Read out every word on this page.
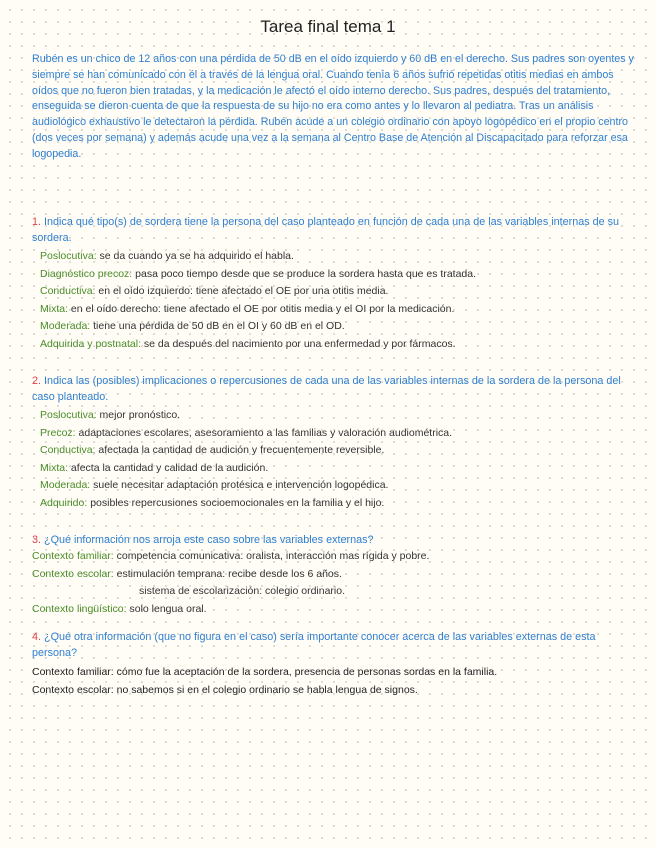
Tarea final tema 1
Rubén es un chico de 12 años con una pérdida de 50 dB en el oído izquierdo y 60 dB en el derecho. Sus padres son oyentes y siempre se han comunicado con él a través de la lengua oral. Cuando tenía 6 años sufrió repetidas otitis medias en ambos oídos que no fueron bien tratadas, y la medicación le afectó el oído interno derecho. Sus padres, después del tratamiento, enseguida se dieron cuenta de que la respuesta de su hijo no era como antes y lo llevaron al pediatra. Tras un análisis audiológico exhaustivo le detectaron la pérdida. Rubén acude a un colegio ordinario con apoyo logopédico en el propio centro (dos veces por semana) y además acude una vez a la semana al Centro Base de Atención al Discapacitado para reforzar esa logopedia.
1. Indica qué tipo(s) de sordera tiene la persona del caso planteado en función de cada una de las variables internas de su sordera.
Poslocutiva: se da cuando ya se ha adquirido el habla.
Diagnóstico precoz: pasa poco tiempo desde que se produce la sordera hasta que es tratada.
Conductiva: en el oído izquierdo: tiene afectado el OE por una otitis media.
Mixta: en el oído derecho: tiene afectado el OE por otitis media y el OI por la medicación.
Moderada: tiene una pérdida de 50 dB en el OI y 60 dB en el OD.
Adquirida y postnatal: se da después del nacimiento por una enfermedad y por fármacos.
2. Indica las (posibles) implicaciones o repercusiones de cada una de las variables internas de la sordera de la persona del caso planteado.
Poslocutiva: mejor pronóstico.
Precoz: adaptaciones escolares, asesoramiento a las familias y valoración audiométrica.
Conductiva: afectada la cantidad de audición y frecuentemente reversible.
Mixta: afecta la cantidad y calidad de la audición.
Moderada: suele necesitar adaptación protésica e intervención logopédica.
Adquirido: posibles repercusiones socioemocionales en la familia y el hijo.
3. ¿Qué información nos arroja este caso sobre las variables externas?
Contexto familiar: competencia comunicativa: oralista, interacción mas rígida y pobre.
Contexto escolar: estimulación temprana: recibe desde los 6 años.
sistema de escolarización: colegio ordinario.
Contexto lingüístico: solo lengua oral.
4. ¿Qué otra información (que no figura en el caso) sería importante conocer acerca de las variables externas de esta persona?
Contexto familiar: cómo fue la aceptación de la sordera, presencia de personas sordas en la familia.
Contexto escolar: no sabemos si en el colegio ordinario se habla lengua de signos.
